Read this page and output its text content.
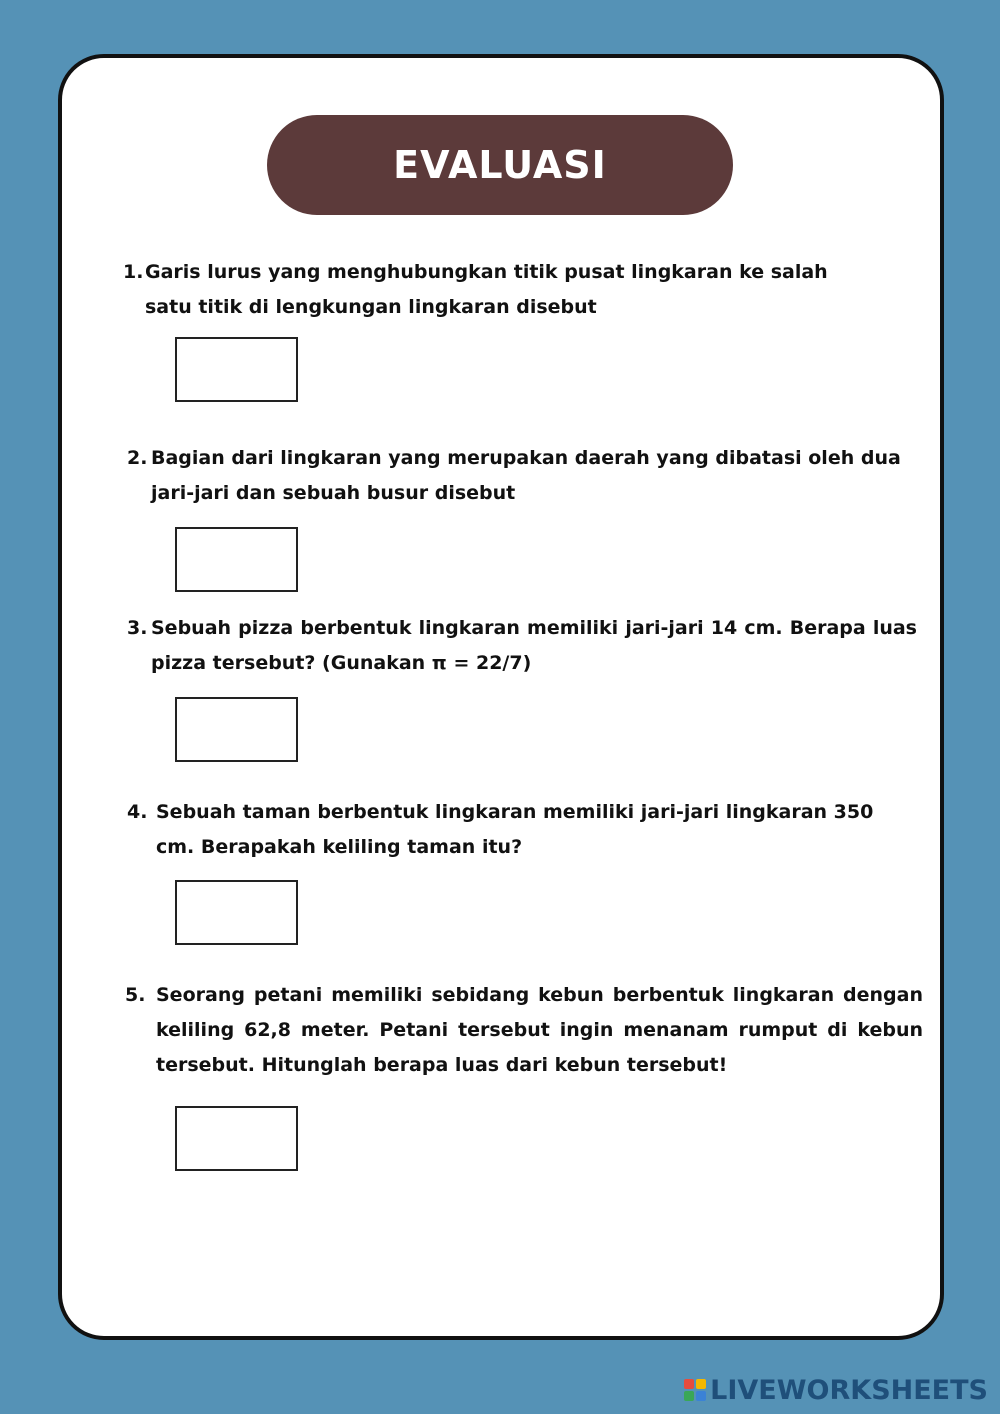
EVALUASI
1. Garis lurus yang menghubungkan titik pusat lingkaran ke salah satu titik di lengkungan lingkaran disebut
2. Bagian dari lingkaran yang merupakan daerah yang dibatasi oleh dua jari-jari dan sebuah busur disebut
3. Sebuah pizza berbentuk lingkaran memiliki jari-jari 14 cm. Berapa luas pizza tersebut? (Gunakan π = 22/7)
4. Sebuah taman berbentuk lingkaran memiliki jari-jari lingkaran 350 cm. Berapakah keliling taman itu?
5. Seorang petani memiliki sebidang kebun berbentuk lingkaran dengan keliling 62,8 meter. Petani tersebut ingin menanam rumput di kebun tersebut. Hitunglah berapa luas dari kebun tersebut!
LIVEWORKSHEETS
